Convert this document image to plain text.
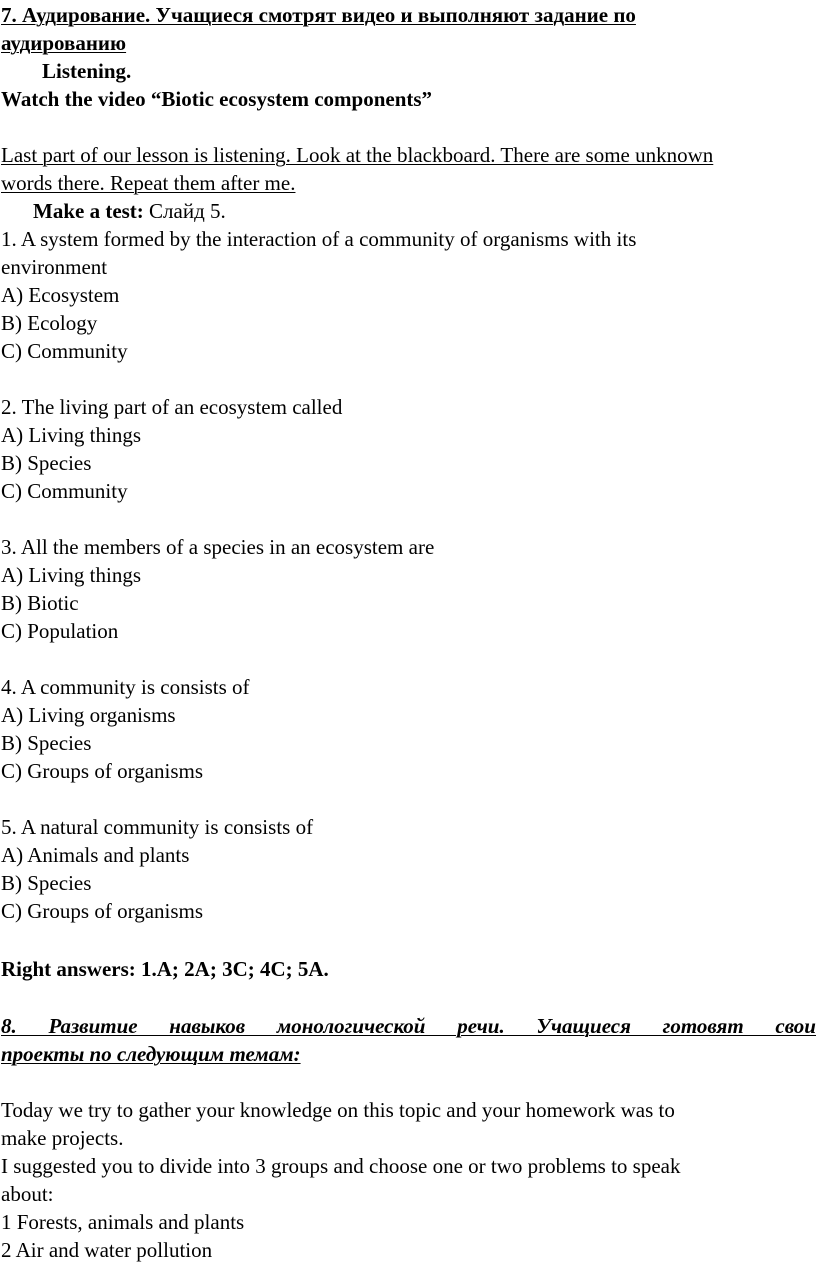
7. Аудирование. Учащиеся смотрят видео и выполняют задание по
аудированию
Listening.
Watch the video “Biotic ecosystem components”
Last part of our lesson is listening. Look at the blackboard. There are some unknown
words there. Repeat them after me.
Make a test: Слайд 5.
1. A system formed by the interaction of a community of organisms with its
environment
A) Ecosystem
B) Ecology
C) Community
2. The living part of an ecosystem called
A) Living things
B) Species
C) Community
3. All the members of a species in an ecosystem are
A) Living things
B) Biotic
C) Population
4. A community is consists of
A) Living organisms
B) Species
C) Groups of organisms
5. A natural community is consists of
A) Animals and plants
B) Species
C) Groups of organisms
Right answers: 1.A; 2A; 3C; 4C; 5A.
8. Развитие навыков монологической речи. Учащиеся готовят свои
проекты по следующим темам:
Today we try to gather your knowledge on this topic and your homework was to
make projects.
I suggested you to divide into 3 groups and choose one or two problems to speak
about:
1 Forests, animals and plants
2 Air and water pollution
